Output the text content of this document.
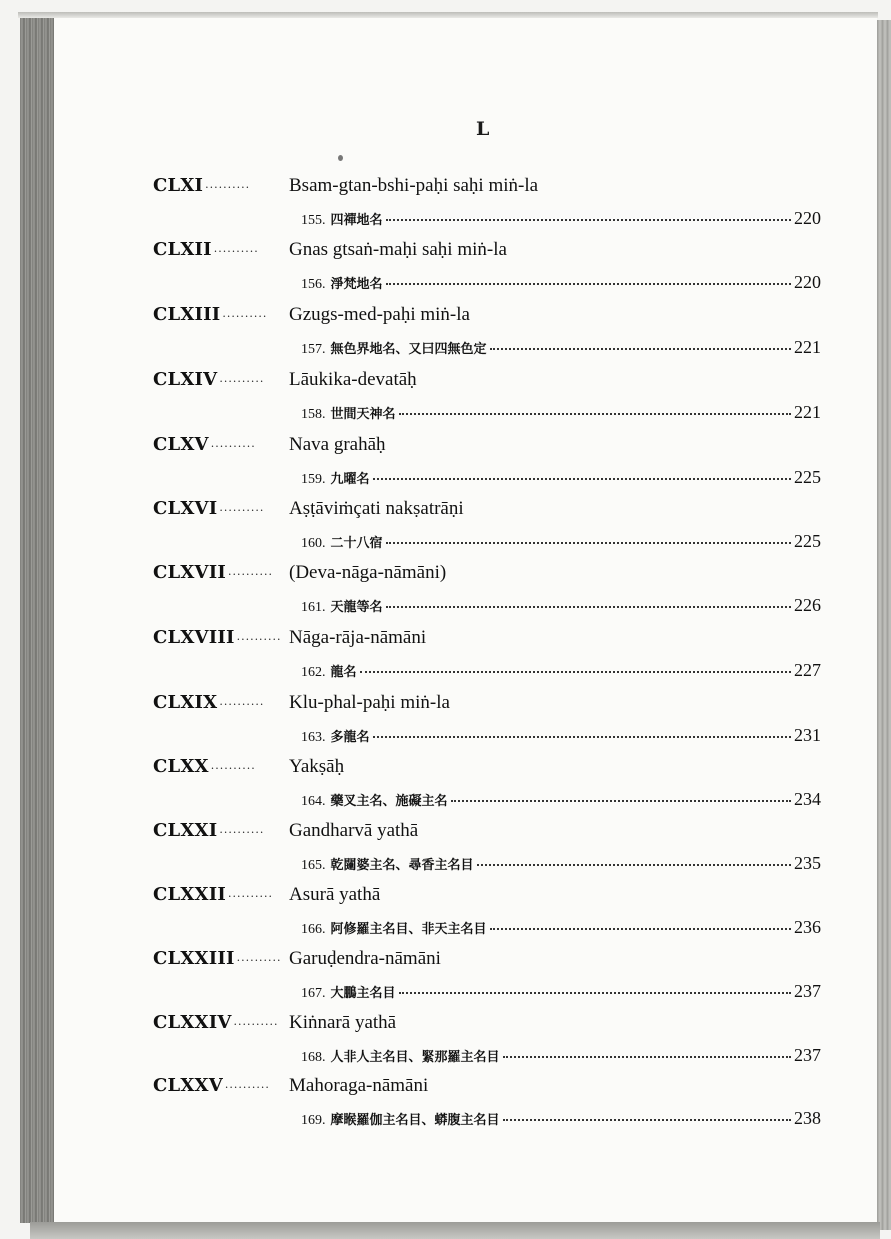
L
CLXI ·········· Bsam-gtan-bshi-paḥi saḥi miṅ-la
155. 四禪地名	220
CLXII ·········· Gnas gtsaṅ-maḥi saḥi miṅ-la
156. 淨梵地名	220
CLXIII ·········· Gzugs-med-paḥi miṅ-la
157. 無色界地名、又曰四無色定	221
CLXIV ·········· Lāukika-devatāḥ
158. 世間天神名	221
CLXV ·········· Nava grahāḥ
159. 九曜名	225
CLXVI ·········· Aṣṭāviṁçati nakṣatrāṇi
160. 二十八宿	225
CLXVII ·········· (Deva-nāga-nāmāni)
161. 天龍等名	226
CLXVIII ·········· Nāga-rāja-nāmāni
162. 龍名	227
CLXIX ·········· Klu-phal-paḥi miṅ-la
163. 多龍名	231
CLXX ·········· Yakṣāḥ
164. 藥叉主名、施礙主名	234
CLXXI ·········· Gandharvā yathā
165. 乾闥婆主名、尋香主名目	235
CLXXII ·········· Asurā yathā
166. 阿修羅主名目、非天主名目	236
CLXXIII ·········· Garuḍendra-nāmāni
167. 大鵬主名目	237
CLXXIV ·········· Kiṅnarā yathā
168. 人非人主名目、緊那羅主名目	237
CLXXV ·········· Mahoraga-nāmāni
169. 摩睺羅伽主名目、蟒腹主名目	238
